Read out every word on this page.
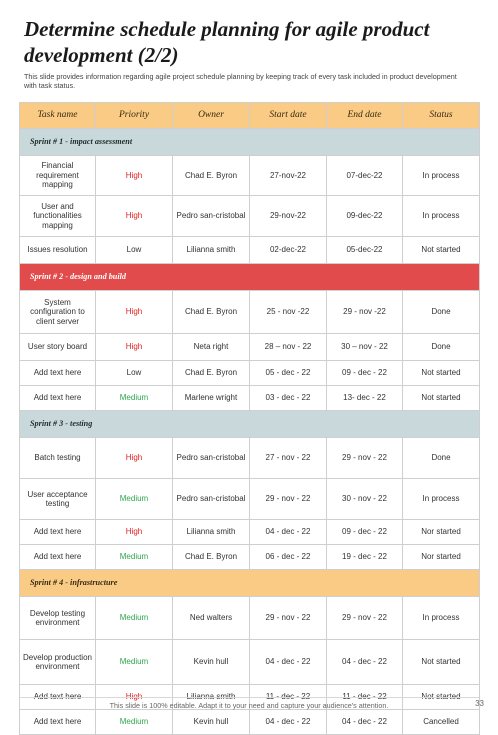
Determine schedule planning for agile product development (2/2)

This slide provides information regarding agile project schedule planning by keeping track of every task included in product development with task status.

Task name	Priority	Owner	Start date	End date	Status
Sprint # 1 - impact assessment					
Financial requirement mapping	High	Chad E. Byron	27-nov-22	07-dec-22	In process
User and functionalities mapping	High	Pedro san-cristobal	29-nov-22	09-dec-22	In process
Issues resolution	Low	Lilianna smith	02-dec-22	05-dec-22	Not started
Sprint # 2 - design and build					
System configuration to client server	High	Chad E. Byron	25 - nov -22	29 - nov -22	Done
User story board	High	Neta right	28 – nov - 22	30 – nov - 22	Done
Add text here	Low	Chad E. Byron	05 - dec - 22	09 - dec - 22	Not started
Add text here	Medium	Marlene wright	03 - dec - 22	13- dec - 22	Not started
Sprint # 3 - testing					
Batch testing	High	Pedro san-cristobal	27 - nov - 22	29 - nov - 22	Done
User acceptance testing	Medium	Pedro san-cristobal	29 - nov - 22	30 - nov - 22	In process
Add text here	High	Lilianna smith	04 - dec - 22	09 - dec - 22	Nor started
Add text here	Medium	Chad E. Byron	06 - dec - 22	19 - dec - 22	Nor started
Sprint # 4 - infrastructure					
Develop testing environment	Medium	Ned walters	29 - nov - 22	29 - nov - 22	In process
Develop production environment	Medium	Kevin hull	04 - dec - 22	04 - dec - 22	Not started
Add text here	High	Lilianna smith	11 - dec - 22	11 - dec - 22	Not started
Add text here	Medium	Kevin hull	04 - dec - 22	04 - dec - 22	Cancelled

This slide is 100% editable. Adapt it to your need and capture your audience's attention.	33
